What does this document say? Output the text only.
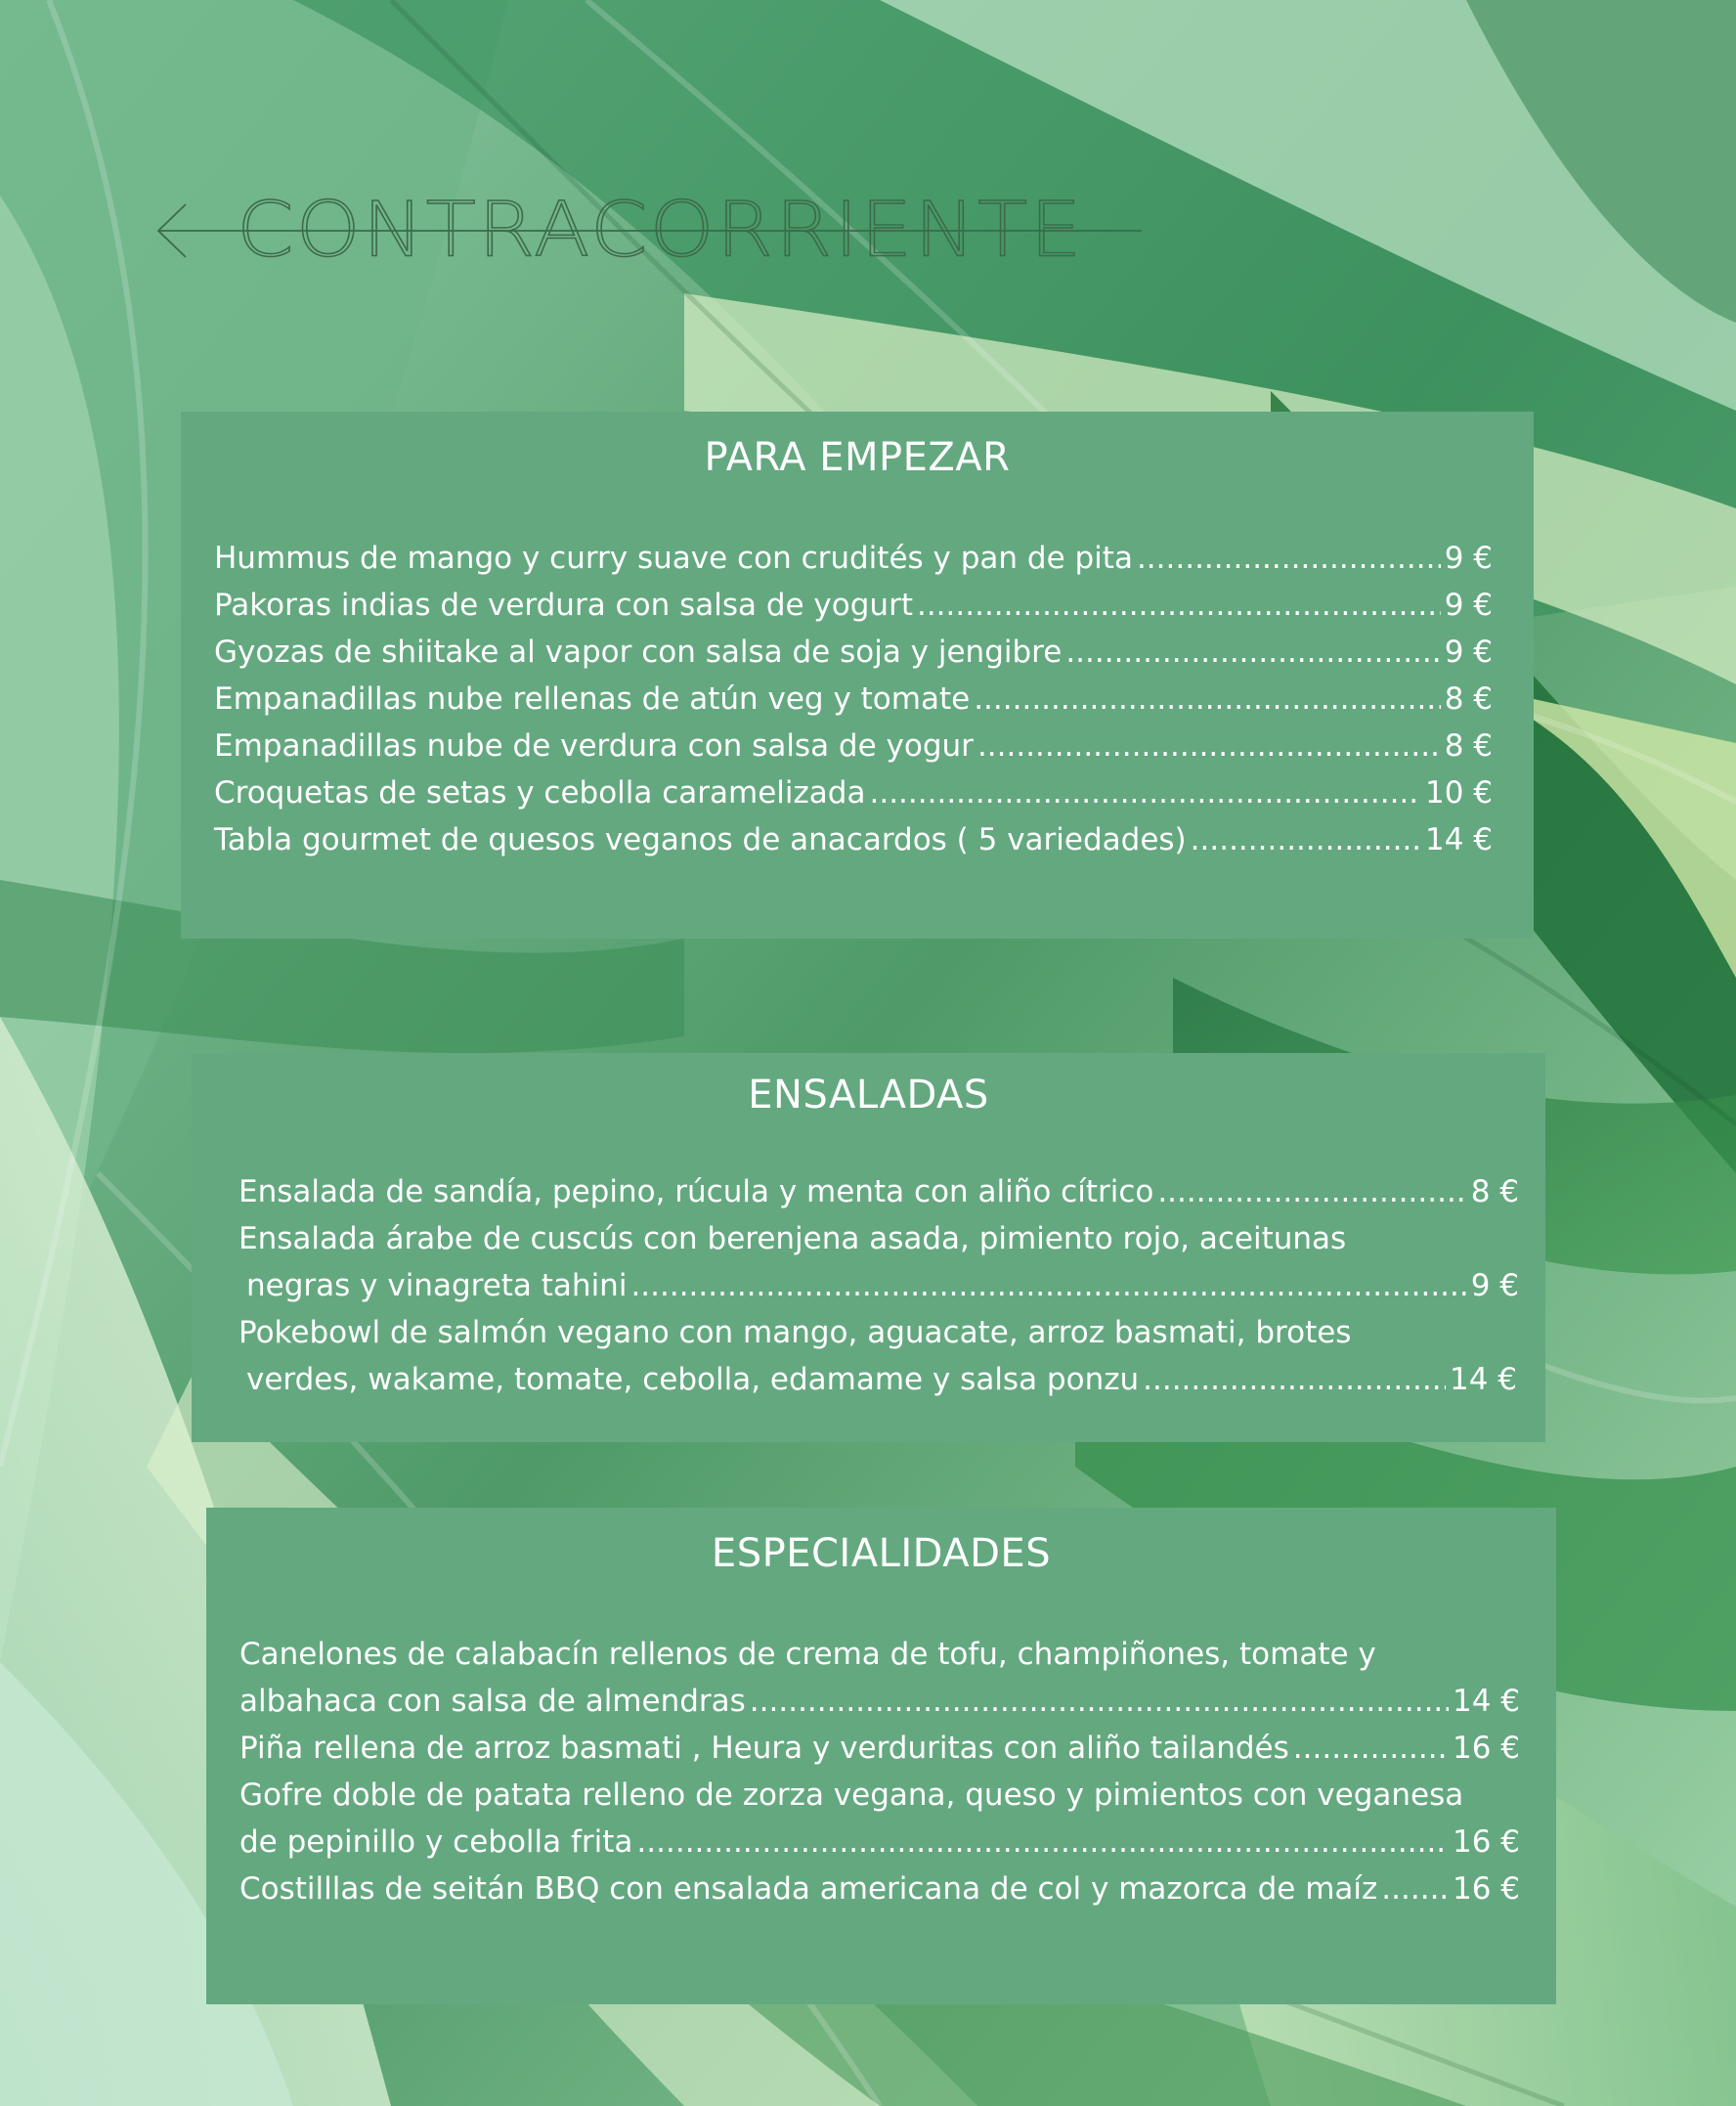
CONTRACORRIENTE
PARA EMPEZAR
Hummus de mango y curry suave con crudités y pan de pita .....	9 €
Pakoras indias de verdura con salsa de yogurt .....	9 €
Gyozas de shiitake al vapor con salsa de soja y jengibre .....	9 €
Empanadillas nube rellenas de atún veg y tomate .....	8 €
Empanadillas nube de verdura con salsa de yogur .....	8 €
Croquetas de setas y cebolla caramelizada .....	10 €
Tabla gourmet de quesos veganos de anacardos ( 5 variedades) .....	14 €
ENSALADAS
Ensalada de sandía, pepino, rúcula y menta con aliño cítrico .....	8 €
Ensalada árabe de cuscús con berenjena asada, pimiento rojo, aceitunas
negras y vinagreta tahini .....	9 €
Pokebowl de salmón vegano con mango, aguacate, arroz basmati, brotes
verdes, wakame, tomate, cebolla, edamame y salsa ponzu .....	14 €
ESPECIALIDADES
Canelones de calabacín rellenos de crema de tofu, champiñones, tomate y
albahaca con salsa de almendras .....	14 €
Piña rellena de arroz basmati , Heura y verduritas con aliño tailandés .....	16 €
Gofre doble de patata relleno de zorza vegana, queso y pimientos con veganesa
de pepinillo y cebolla frita .....	16 €
Costilllas de seitán BBQ con ensalada americana de col y mazorca de maíz ..... 16 €
